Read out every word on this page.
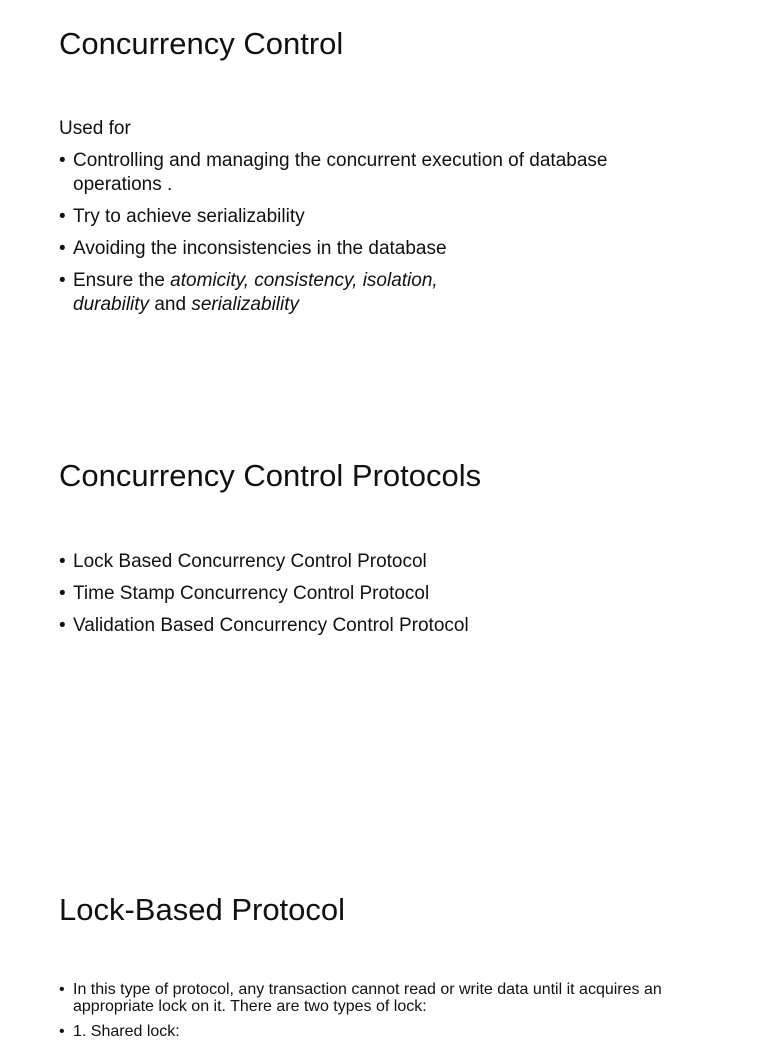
Concurrency Control

Used for

• Controlling and managing the concurrent execution of database operations .
• Try to achieve serializability
• Avoiding the inconsistencies in the database
• Ensure the atomicity, consistency, isolation,
durability and serializability
Concurrency Control Protocols
• Lock Based Concurrency Control Protocol
• Time Stamp Concurrency Control Protocol
• Validation Based Concurrency Control Protocol
Lock-Based Protocol
• In this type of protocol, any transaction cannot read or write data until it acquires an appropriate lock on it. There are two types of lock:
• 1. Shared lock:
